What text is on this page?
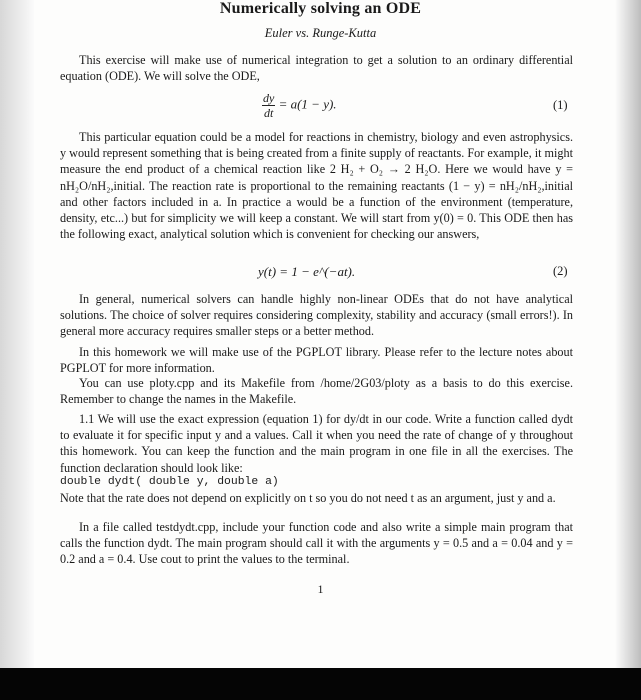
Numerically solving an ODE
Euler vs. Runge-Kutta

This exercise will make use of numerical integration to get a solution to an ordinary differential equation (ODE). We will solve the ODE,

$\frac{dy}{dt} = a(1 - y)$.	(1)

This particular equation could be a model for reactions in chemistry, biology and even astrophysics. y would represent something that is being created from a finite supply of reactants. For example, it might measure the end product of a chemical reaction like 2 H₂ + O₂ → 2 H₂O. Here we would have y = nH₂O/nH₂,initial. The reaction rate is proportional to the remaining reactants (1 − y) = nH₂/nH₂,initial and other factors included in a. In practice a would be a function of the environment (temperature, density, etc...) but for simplicity we will keep a constant. We will start from y(0) = 0. This ODE then has the following exact, analytical solution which is convenient for checking our answers,

y(t) = 1 − e^(−at).	(2)

In general, numerical solvers can handle highly non-linear ODEs that do not have analytical solutions. The choice of solver requires considering complexity, stability and accuracy (small errors!). In general more accuracy requires smaller steps or a better method.

In this homework we will make use of the PGPLOT library. Please refer to the lecture notes about PGPLOT for more information.

You can use ploty.cpp and its Makefile from /home/2G03/ploty as a basis to do this exercise. Remember to change the names in the Makefile.

1.1 We will use the exact expression (equation 1) for dy/dt in our code. Write a function called dydt to evaluate it for specific input y and a values. Call it when you need the rate of change of y throughout this homework. You can keep the function and the main program in one file in all the exercises. The function declaration should look like:

double dydt( double y, double a)

Note that the rate does not depend on explicitly on t so you do not need t as an argument, just y and a.

In a file called testdydt.cpp, include your function code and also write a simple main program that calls the function dydt. The main program should call it with the arguments y = 0.5 and a = 0.04 and y = 0.2 and a = 0.4. Use cout to print the values to the terminal.

1
